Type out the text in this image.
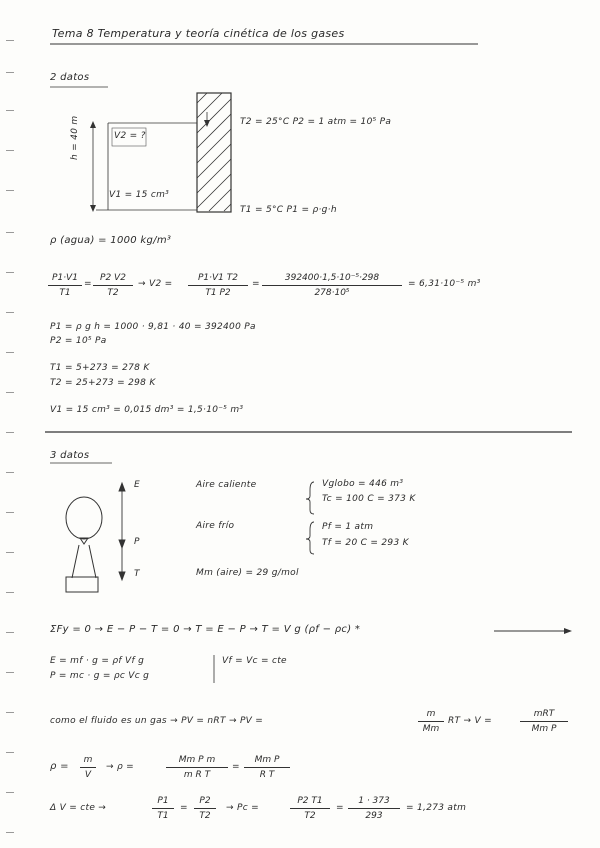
Tema 8 Temperatura y teoría cinética de los gases
2 datos
h = 40 m	V2 = ?
V1 = 15 cm³
T2 = 25°C P2 = 1 atm = 10⁵ Pa
T1 = 5°C P1 = ρ·g·h
ρ (agua) = 1000 kg/m³
P1·V1
T1
=
P2 V2
T2
→ V2 =
P1·V1 T2
T1 P2
=
392400·1,5·10⁻⁵·298
278·10⁵
= 6,31·10⁻⁵ m³
P1 = ρ g h = 1000 · 9,81 · 40 = 392400 Pa
P2 = 10⁵ Pa
T1 = 5+273 = 278 K
T2 = 25+273 = 298 K
V1 = 15 cm³ = 0,015 dm³ = 1,5·10⁻⁵ m³
3 datos
E
P
T
Aire caliente	Vglobo = 446 m³
Tc = 100 C = 373 K
Aire frío	Pf = 1 atm
Tf = 20 C = 293 K
Mm (aire) = 29 g/mol
ΣFy = 0 → E − P − T = 0 → T = E − P → T = V g (ρf − ρc) *
E = mf · g = ρf Vf g
P = mc · g = ρc Vc g
Vf = Vc = cte
como el fluido es un gas → PV = nRT → PV =
m
Mm
RT → V =
mRT
Mm P
ρ =
m
V
→ ρ =
Mm P m
m R T
=
Mm P
R T
Δ V = cte →
P1
T1
=
P2
T2
→ Pc =
P2 T1
T2
=
1 · 373
293
= 1,273 atm
